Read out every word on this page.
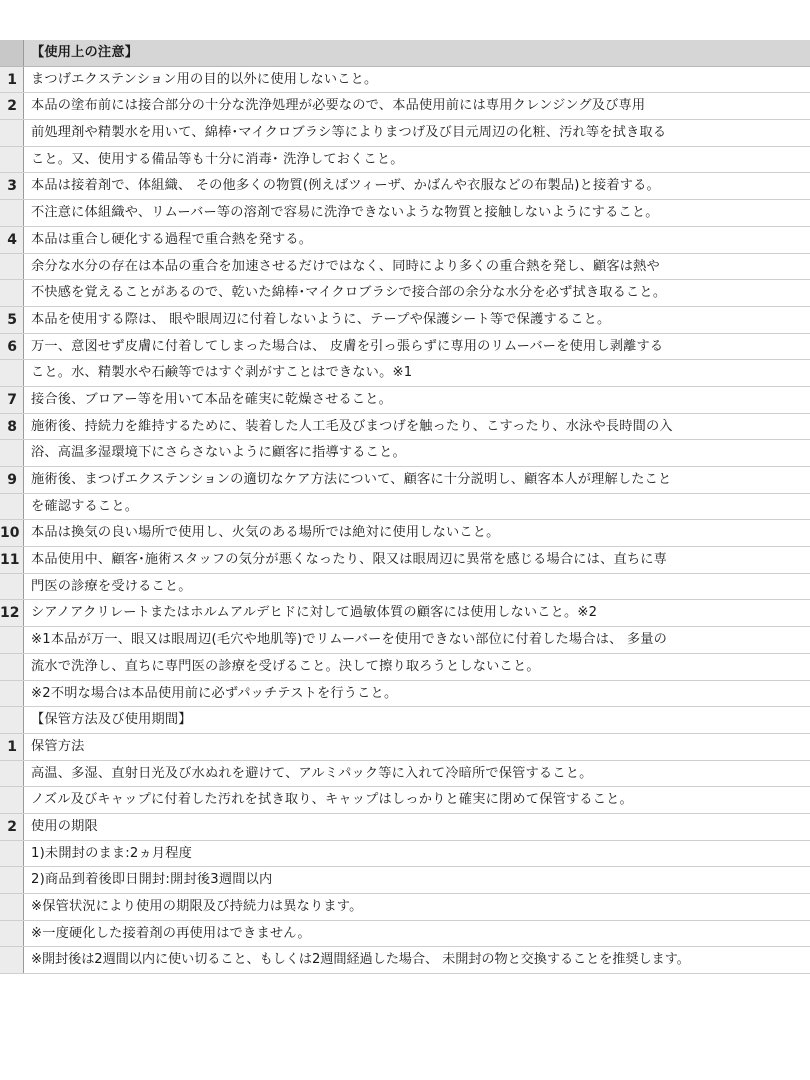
【使用上の注意】
1	まつげエクステンション用の目的以外に使用しないこと。
2	本品の塗布前には接合部分の十分な洗浄処理が必要なので、本品使用前には専用クレンジング及び専用
前処理剤や精製水を用いて、綿棒･マイクロブラシ等によりまつげ及び目元周辺の化粧、汚れ等を拭き取る
こと。又、使用する備品等も十分に消毒･ 洗浄しておくこと。
3	本品は接着剤で、体組織、 その他多くの物質(例えばツィーザ、かばんや衣服などの布製品)と接着する。
不注意に体組織や、リムーバー等の溶剤で容易に洗浄できないような物質と接触しないようにすること。
4	本品は重合し硬化する過程で重合熱を発する。
余分な水分の存在は本品の重合を加速させるだけではなく、同時により多くの重合熱を発し、顧客は熱や
不快感を覚えることがあるので、乾いた綿棒･マイクロブラシで接合部の余分な水分を必ず拭き取ること。
5	本品を使用する際は、 眼や眼周辺に付着しないように、テープや保護シート等で保護すること。
6	万一、意図せず皮膚に付着してしまった場合は、 皮膚を引っ張らずに専用のリムーバーを使用し剥離する
こと。水、精製水や石鹸等ではすぐ剥がすことはできない。※1
7	接合後、ブロアー等を用いて本品を確実に乾燥させること。
8	施術後、持続力を維持するために、装着した人工毛及びまつげを触ったり、こすったり、水泳や長時間の入
浴、高温多湿環境下にさらさないように顧客に指導すること。
9	施術後、まつげエクステンションの適切なケア方法について、顧客に十分説明し、顧客本人が理解したこと
を確認すること。
10 本品は換気の良い場所で使用し、火気のある場所では絶対に使用しないこと。
11 本品使用中、顧客･施術スタッフの気分が悪くなったり、限又は眼周辺に異常を感じる場合には、直ちに専
門医の診療を受けること。
12 シアノアクリレートまたはホルムアルデヒドに対して過敏体質の顧客には使用しないこと。※2
※1本品が万一、眼又は眼周辺(毛穴や地肌等)でリムーバーを使用できない部位に付着した場合は、 多量の
流水で洗浄し、直ちに専門医の診療を受げること。決して擦り取ろうとしないこと。
※2不明な場合は本品使用前に必ずパッチテストを行うこと。
【保管方法及び使用期間】
1	保管方法
高温、多湿、直射日光及び水ぬれを避けて、アルミパック等に入れて冷暗所で保管すること。
ノズル及びキャップに付着した汚れを拭き取り、キャップはしっかりと確実に閉めて保管すること。
2	使用の期限
1)未開封のまま:2ヵ月程度
2)商品到着後即日開封:開封後3週間以内
※保管状況により使用の期限及び持続力は異なります。
※一度硬化した接着剤の再使用はできません。
※開封後は2週間以内に使い切ること、もしくは2週間経過した場合、 未開封の物と交換することを推奨します。
